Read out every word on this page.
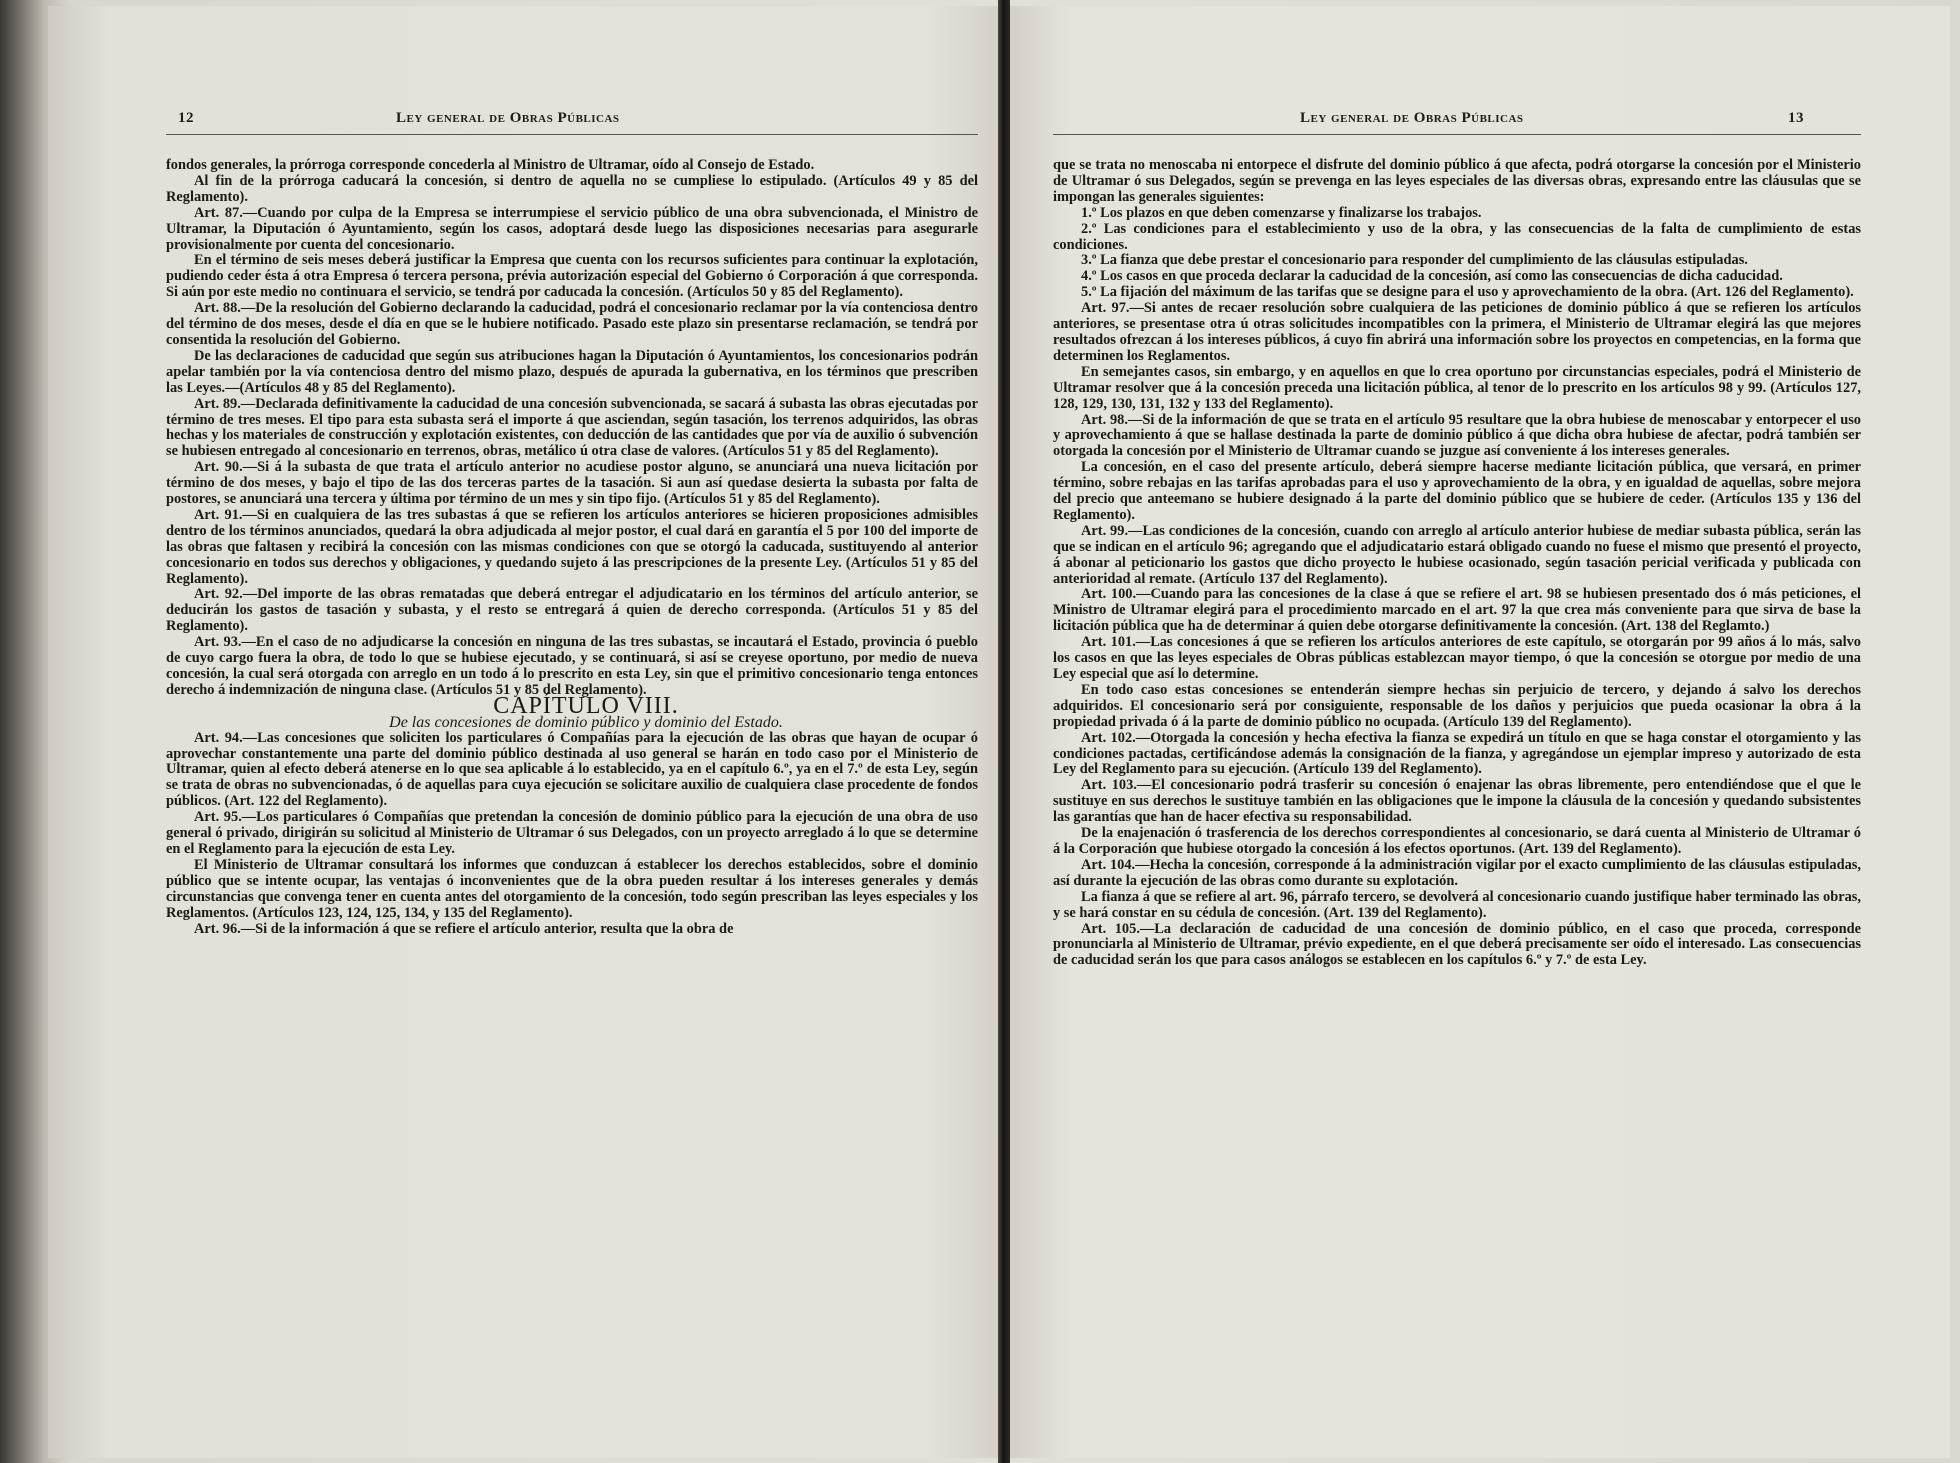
12	Ley general de Obras Públicas

fondos generales, la prórroga corresponde concederla al Ministro de Ultramar, oído al Consejo de Estado.

Al fin de la prórroga caducará la concesión, si dentro de aquella no se cumpliese lo estipulado. (Artículos 49 y 85 del Reglamento).

Art. 87.—Cuando por culpa de la Empresa se interrumpiese el servicio público de una obra subvencionada, el Ministro de Ultramar, la Diputación ó Ayuntamiento, según los casos, adoptará desde luego las disposiciones necesarias para asegurarle provisionalmente por cuenta del concesionario.

En el término de seis meses deberá justificar la Empresa que cuenta con los recursos suficientes para continuar la explotación, pudiendo ceder ésta á otra Empresa ó tercera persona, prévia autorización especial del Gobierno ó Corporación á que corresponda. Si aún por este medio no continuara el servicio, se tendrá por caducada la concesión. (Artículos 50 y 85 del Reglamento).

Art. 88.—De la resolución del Gobierno declarando la caducidad, podrá el concesionario reclamar por la vía contenciosa dentro del término de dos meses, desde el día en que se le hubiere notificado. Pasado este plazo sin presentarse reclamación, se tendrá por consentida la resolución del Gobierno.

De las declaraciones de caducidad que según sus atribuciones hagan la Diputación ó Ayuntamientos, los concesionarios podrán apelar también por la vía contenciosa dentro del mismo plazo, después de apurada la gubernativa, en los términos que prescriben las Leyes.—(Artículos 48 y 85 del Reglamento).

Art. 89.—Declarada definitivamente la caducidad de una concesión subvencionada, se sacará á subasta las obras ejecutadas por término de tres meses. El tipo para esta subasta será el importe á que asciendan, según tasación, los terrenos adquiridos, las obras hechas y los materiales de construcción y explotación existentes, con deducción de las cantidades que por vía de auxilio ó subvención se hubiesen entregado al concesionario en terrenos, obras, metálico ú otra clase de valores. (Artículos 51 y 85 del Reglamento).

Art. 90.—Si á la subasta de que trata el artículo anterior no acudiese postor alguno, se anunciará una nueva licitación por término de dos meses, y bajo el tipo de las dos terceras partes de la tasación. Si aun así quedase desierta la subasta por falta de postores, se anunciará una tercera y última por término de un mes y sin tipo fijo. (Artículos 51 y 85 del Reglamento).

Art. 91.—Si en cualquiera de las tres subastas á que se refieren los artículos anteriores se hicieren proposiciones admisibles dentro de los términos anunciados, quedará la obra adjudicada al mejor postor, el cual dará en garantía el 5 por 100 del importe de las obras que faltasen y recibirá la concesión con las mismas condiciones con que se otorgó la caducada, sustituyendo al anterior concesionario en todos sus derechos y obligaciones, y quedando sujeto á las prescripciones de la presente Ley. (Artículos 51 y 85 del Reglamento).

Art. 92.—Del importe de las obras rematadas que deberá entregar el adjudicatario en los términos del artículo anterior, se deducirán los gastos de tasación y subasta, y el resto se entregará á quien de derecho corresponda. (Artículos 51 y 85 del Reglamento).

Art. 93.—En el caso de no adjudicarse la concesión en ninguna de las tres subastas, se incautará el Estado, provincia ó pueblo de cuyo cargo fuera la obra, de todo lo que se hubiese ejecutado, y se continuará, si así se creyese oportuno, por medio de nueva concesión, la cual será otorgada con arreglo en un todo á lo prescrito en esta Ley, sin que el primitivo concesionario tenga entonces derecho á indemnización de ninguna clase. (Artículos 51 y 85 del Reglamento).

CAPÍTULO VIII.

De las concesiones de dominio público y dominio del Estado.

Art. 94.—Las concesiones que soliciten los particulares ó Compañías para la ejecución de las obras que hayan de ocupar ó aprovechar constantemente una parte del dominio público destinada al uso general se harán en todo caso por el Ministerio de Ultramar, quien al efecto deberá atenerse en lo que sea aplicable á lo establecido, ya en el capítulo 6.º, ya en el 7.º de esta Ley, según se trata de obras no subvencionadas, ó de aquellas para cuya ejecución se solicitare auxilio de cualquiera clase procedente de fondos públicos. (Art. 122 del Reglamento).

Art. 95.—Los particulares ó Compañías que pretendan la concesión de dominio público para la ejecución de una obra de uso general ó privado, dirigirán su solicitud al Ministerio de Ultramar ó sus Delegados, con un proyecto arreglado á lo que se determine en el Reglamento para la ejecución de esta Ley.

El Ministerio de Ultramar consultará los informes que conduzcan á establecer los derechos establecidos, sobre el dominio público que se intente ocupar, las ventajas ó inconvenientes que de la obra pueden resultar á los intereses generales y demás circunstancias que convenga tener en cuenta antes del otorgamiento de la concesión, todo según prescriban las leyes especiales y los Reglamentos. (Artículos 123, 124, 125, 134, y 135 del Reglamento).

Art. 96.—Si de la información á que se refiere el artículo anterior, resulta que la obra de

Ley general de Obras Públicas	13

que se trata no menoscaba ni entorpece el disfrute del dominio público á que afecta, podrá otorgarse la concesión por el Ministerio de Ultramar ó sus Delegados, según se prevenga en las leyes especiales de las diversas obras, expresando entre las cláusulas que se impongan las generales siguientes:

1.º Los plazos en que deben comenzarse y finalizarse los trabajos.

2.º Las condiciones para el establecimiento y uso de la obra, y las consecuencias de la falta de cumplimiento de estas condiciones.

3.º La fianza que debe prestar el concesionario para responder del cumplimiento de las cláusulas estipuladas.

4.º Los casos en que proceda declarar la caducidad de la concesión, así como las consecuencias de dicha caducidad.

5.º La fijación del máximum de las tarifas que se designe para el uso y aprovechamiento de la obra. (Art. 126 del Reglamento).

Art. 97.—Si antes de recaer resolución sobre cualquiera de las peticiones de dominio público á que se refieren los artículos anteriores, se presentase otra ú otras solicitudes incompatibles con la primera, el Ministerio de Ultramar elegirá las que mejores resultados ofrezcan á los intereses públicos, á cuyo fin abrirá una información sobre los proyectos en competencias, en la forma que determinen los Reglamentos.

En semejantes casos, sin embargo, y en aquellos en que lo crea oportuno por circunstancias especiales, podrá el Ministerio de Ultramar resolver que á la concesión preceda una licitación pública, al tenor de lo prescrito en los artículos 98 y 99. (Artículos 127, 128, 129, 130, 131, 132 y 133 del Reglamento).

Art. 98.—Si de la información de que se trata en el artículo 95 resultare que la obra hubiese de menoscabar y entorpecer el uso y aprovechamiento á que se hallase destinada la parte de dominio público á que dicha obra hubiese de afectar, podrá también ser otorgada la concesión por el Ministerio de Ultramar cuando se juzgue así conveniente á los intereses generales.

La concesión, en el caso del presente artículo, deberá siempre hacerse mediante licitación pública, que versará, en primer término, sobre rebajas en las tarifas aprobadas para el uso y aprovechamiento de la obra, y en igualdad de aquellas, sobre mejora del precio que anteemano se hubiere designado á la parte del dominio público que se hubiere de ceder. (Artículos 135 y 136 del Reglamento).

Art. 99.—Las condiciones de la concesión, cuando con arreglo al artículo anterior hubiese de mediar subasta pública, serán las que se indican en el artículo 96; agregando que el adjudicatario estará obligado cuando no fuese el mismo que presentó el proyecto, á abonar al peticionario los gastos que dicho proyecto le hubiese ocasionado, según tasación pericial verificada y publicada con anterioridad al remate. (Artículo 137 del Reglamento).

Art. 100.—Cuando para las concesiones de la clase á que se refiere el art. 98 se hubiesen presentado dos ó más peticiones, el Ministro de Ultramar elegirá para el procedimiento marcado en el art. 97 la que crea más conveniente para que sirva de base la licitación pública que ha de determinar á quien debe otorgarse definitivamente la concesión. (Art. 138 del Reglamto.)

Art. 101.—Las concesiones á que se refieren los artículos anteriores de este capítulo, se otorgarán por 99 años á lo más, salvo los casos en que las leyes especiales de Obras públicas establezcan mayor tiempo, ó que la concesión se otorgue por medio de una Ley especial que así lo determine.

En todo caso estas concesiones se entenderán siempre hechas sin perjuicio de tercero, y dejando á salvo los derechos adquiridos. El concesionario será por consiguiente, responsable de los daños y perjuicios que pueda ocasionar la obra á la propiedad privada ó á la parte de dominio público no ocupada. (Artículo 139 del Reglamento).

Art. 102.—Otorgada la concesión y hecha efectiva la fianza se expedirá un título en que se haga constar el otorgamiento y las condiciones pactadas, certificándose además la consignación de la fianza, y agregándose un ejemplar impreso y autorizado de esta Ley del Reglamento para su ejecución. (Artículo 139 del Reglamento).

Art. 103.—El concesionario podrá trasferir su concesión ó enajenar las obras libremente, pero entendiéndose que el que le sustituye en sus derechos le sustituye también en las obligaciones que le impone la cláusula de la concesión y quedando subsistentes las garantías que han de hacer efectiva su responsabilidad.

De la enajenación ó trasferencia de los derechos correspondientes al concesionario, se dará cuenta al Ministerio de Ultramar ó á la Corporación que hubiese otorgado la concesión á los efectos oportunos. (Art. 139 del Reglamento).

Art. 104.—Hecha la concesión, corresponde á la administración vigilar por el exacto cumplimiento de las cláusulas estipuladas, así durante la ejecución de las obras como durante su explotación.

La fianza á que se refiere al art. 96, párrafo tercero, se devolverá al concesionario cuando justifique haber terminado las obras, y se hará constar en su cédula de concesión. (Art. 139 del Reglamento).

Art. 105.—La declaración de caducidad de una concesión de dominio público, en el caso que proceda, corresponde pronunciarla al Ministerio de Ultramar, prévio expediente, en el que deberá precisamente ser oído el interesado. Las consecuencias de caducidad serán los que para casos análogos se establecen en los capítulos 6.º y 7.º de esta Ley.
